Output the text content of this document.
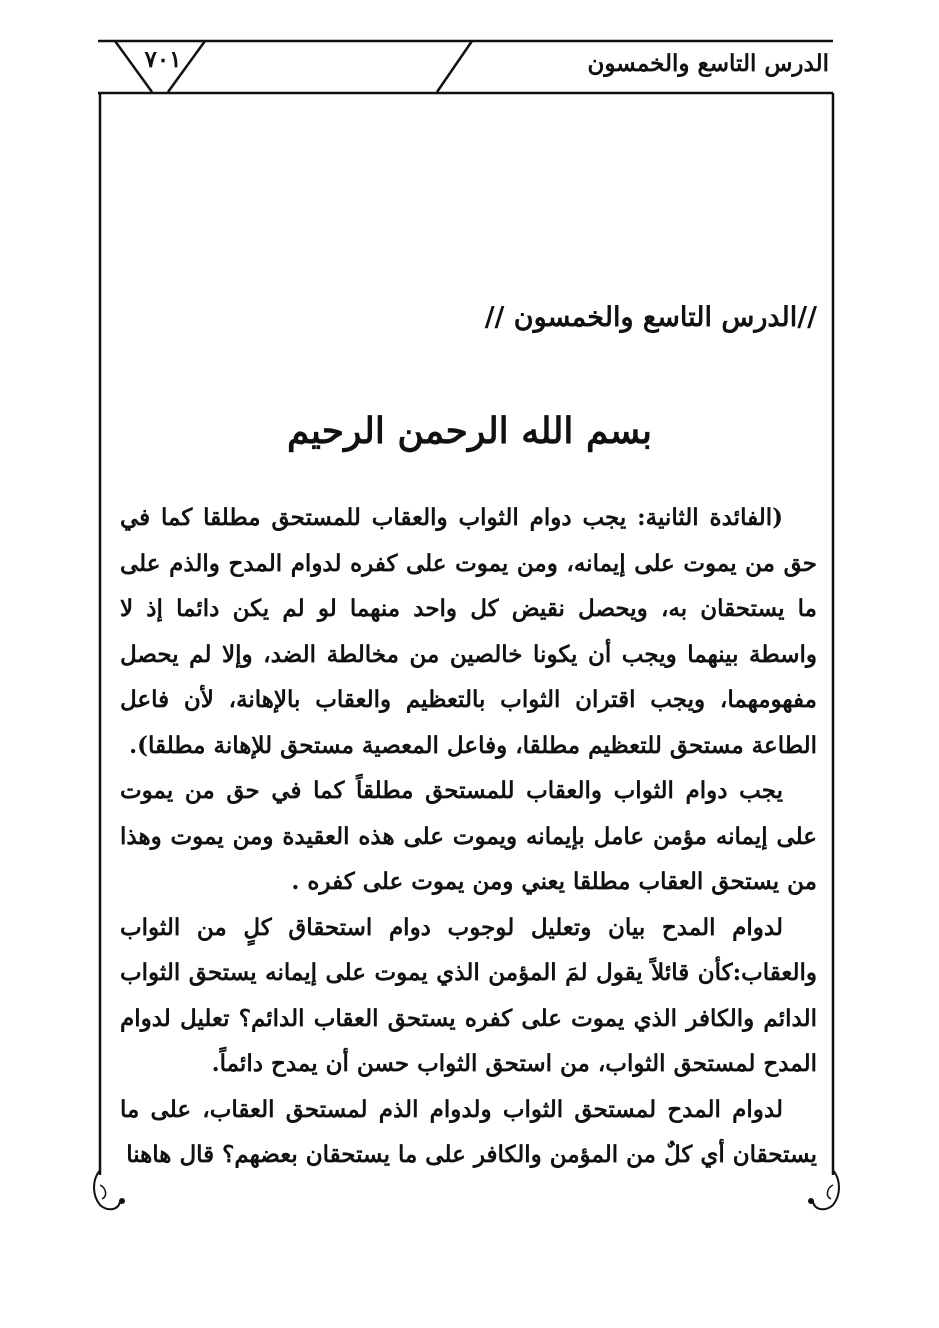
الدرس التاسع والخمسون
٧٠١
//الدرس التاسع والخمسون //
بسم الله الرحمن الرحيم

(الفائدة الثانية: يجب دوام الثواب والعقاب للمستحق مطلقا كما في حق من يموت على إيمانه، ومن يموت على كفره لدوام المدح والذم على ما يستحقان به، ويحصل نقيض كل واحد منهما لو لم يكن دائما إذ لا واسطة بينهما ويجب أن يكونا خالصين من مخالطة الضد، وإلا لم يحصل مفهومهما، ويجب اقتران الثواب بالتعظيم والعقاب بالإهانة، لأن فاعل الطاعة مستحق للتعظيم مطلقا، وفاعل المعصية مستحق للإهانة مطلقا).

يجب دوام الثواب والعقاب للمستحق مطلقاً كما في حق من يموت على إيمانه مؤمن عامل بإيمانه ويموت على هذه العقيدة ومن يموت وهذا من يستحق العقاب مطلقا يعني ومن يموت على كفره .

لدوام المدح بيان وتعليل لوجوب دوام استحقاق كلٍ من الثواب والعقاب:كأن قائلاً يقول لمَ المؤمن الذي يموت على إيمانه يستحق الثواب الدائم والكافر الذي يموت على كفره يستحق العقاب الدائم؟ تعليل لدوام المدح لمستحق الثواب، من استحق الثواب حسن أن يمدح دائماً.

لدوام المدح لمستحق الثواب ولدوام الذم لمستحق العقاب، على ما يستحقان أي كلٌ من المؤمن والكافر على ما يستحقان بعضهم؟ قال هاهنا
